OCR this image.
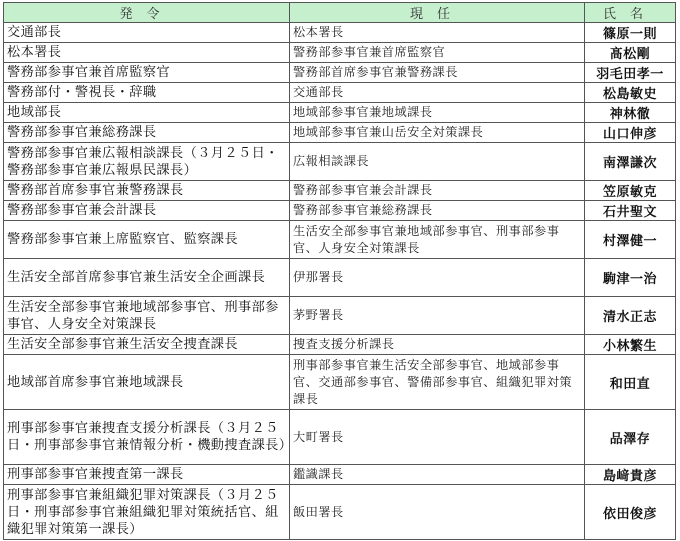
発令	現任	氏名
交通部長	松本署長	篠原一則
松本署長	警務部参事官兼首席監察官	髙松剛
警務部参事官兼首席監察官	警務部首席参事官兼警務課長	羽毛田孝一
警務部付・警視長・辞職	交通部長	松島敏史
地域部長	地域部参事官兼地域課長	神林徹
警務部参事官兼総務課長	地域部参事官兼山岳安全対策課長	山口伸彦
警務部参事官兼広報相談課長（３月２５日・警務部参事官兼広報県民課長）	広報相談課長	南澤謙次
警務部首席参事官兼警務課長	警務部参事官兼会計課長	笠原敏克
警務部参事官兼会計課長	警務部参事官兼総務課長	石井聖文
警務部参事官兼上席監察官、監察課長	生活安全部参事官兼地域部参事官、刑事部参事官、人身安全対策課長	村澤健一
生活安全部首席参事官兼生活安全企画課長	伊那署長	駒津一治
生活安全部参事官兼地域部参事官、刑事部参事官、人身安全対策課長	茅野署長	清水正志
生活安全部参事官兼生活安全捜査課長	捜査支援分析課長	小林繁生
地域部首席参事官兼地域課長	刑事部参事官兼生活安全部参事官、地域部参事官、交通部参事官、警備部参事官、組織犯罪対策課長	和田直
刑事部参事官兼捜査支援分析課長（３月２５日・刑事部参事官兼情報分析・機動捜査課長）	大町署長	品澤存
刑事部参事官兼捜査第一課長	鑑識課長	島﨑貴彦
刑事部参事官兼組織犯罪対策課長（３月２５日・刑事部参事官兼組織犯罪対策統括官、組織犯罪対策第一課長）	飯田署長	依田俊彦
